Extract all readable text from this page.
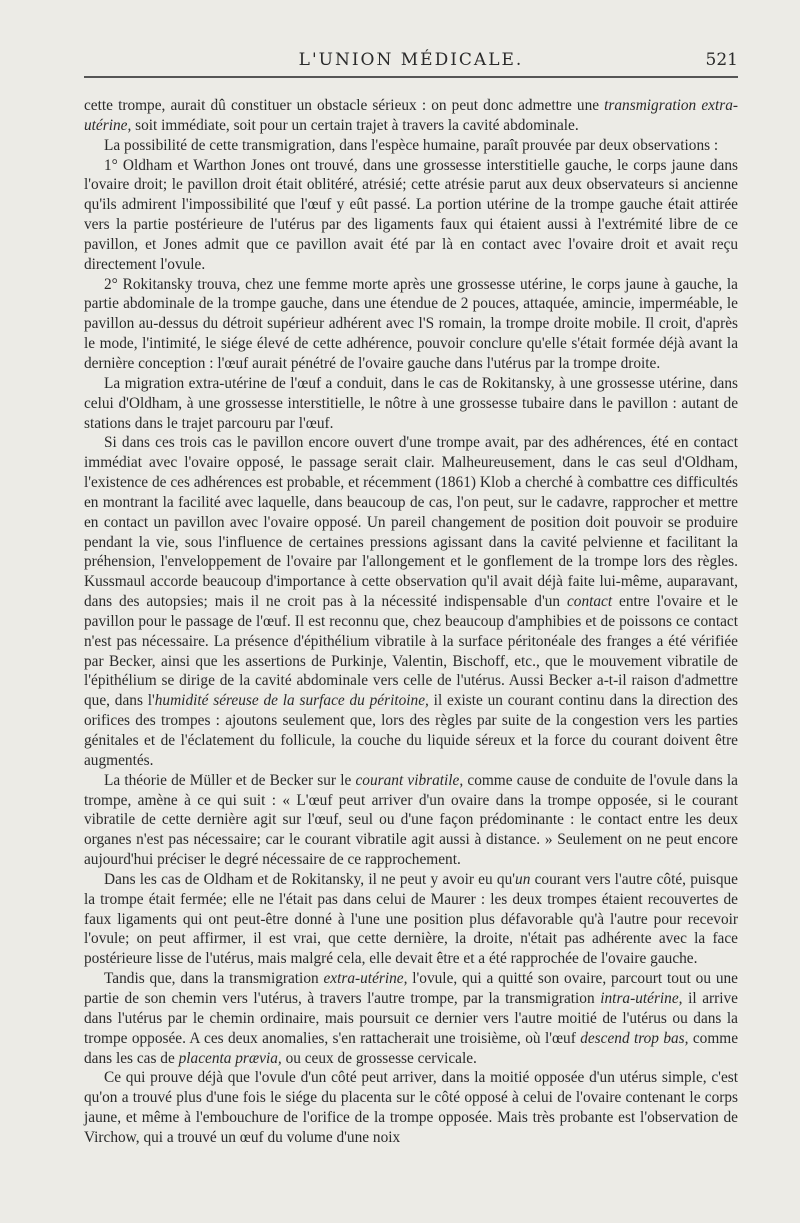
L'UNION MÉDICALE.	521

cette trompe, aurait dû constituer un obstacle sérieux : on peut donc admettre une transmigration extra-utérine, soit immédiate, soit pour un certain trajet à travers la cavité abdominale.

La possibilité de cette transmigration, dans l'espèce humaine, paraît prouvée par deux observations :

1° Oldham et Warthon Jones ont trouvé, dans une grossesse interstitielle gauche, le corps jaune dans l'ovaire droit; le pavillon droit était oblitéré, atrésié; cette atrésie parut aux deux observateurs si ancienne qu'ils admirent l'impossibilité que l'œuf y eût passé. La portion utérine de la trompe gauche était attirée vers la partie postérieure de l'utérus par des ligaments faux qui étaient aussi à l'extrémité libre de ce pavillon, et Jones admit que ce pavillon avait été par là en contact avec l'ovaire droit et avait reçu directement l'ovule.

2° Rokitansky trouva, chez une femme morte après une grossesse utérine, le corps jaune à gauche, la partie abdominale de la trompe gauche, dans une étendue de 2 pouces, attaquée, amincie, imperméable, le pavillon au-dessus du détroit supérieur adhérent avec l'S romain, la trompe droite mobile. Il croit, d'après le mode, l'intimité, le siége élevé de cette adhérence, pouvoir conclure qu'elle s'était formée déjà avant la dernière conception : l'œuf aurait pénétré de l'ovaire gauche dans l'utérus par la trompe droite.

La migration extra-utérine de l'œuf a conduit, dans le cas de Rokitansky, à une grossesse utérine, dans celui d'Oldham, à une grossesse interstitielle, le nôtre à une grossesse tubaire dans le pavillon : autant de stations dans le trajet parcouru par l'œuf.

Si dans ces trois cas le pavillon encore ouvert d'une trompe avait, par des adhérences, été en contact immédiat avec l'ovaire opposé, le passage serait clair. Malheureusement, dans le cas seul d'Oldham, l'existence de ces adhérences est probable, et récemment (1861) Klob a cherché à combattre ces difficultés en montrant la facilité avec laquelle, dans beaucoup de cas, l'on peut, sur le cadavre, rapprocher et mettre en contact un pavillon avec l'ovaire opposé. Un pareil changement de position doit pouvoir se produire pendant la vie, sous l'influence de certaines pressions agissant dans la cavité pelvienne et facilitant la préhension, l'enveloppement de l'ovaire par l'allongement et le gonflement de la trompe lors des règles. Kussmaul accorde beaucoup d'importance à cette observation qu'il avait déjà faite lui-même, auparavant, dans des autopsies; mais il ne croit pas à la nécessité indispensable d'un contact entre l'ovaire et le pavillon pour le passage de l'œuf. Il est reconnu que, chez beaucoup d'amphibies et de poissons ce contact n'est pas nécessaire. La présence d'épithélium vibratile à la surface péritonéale des franges a été vérifiée par Becker, ainsi que les assertions de Purkinje, Valentin, Bischoff, etc., que le mouvement vibratile de l'épithélium se dirige de la cavité abdominale vers celle de l'utérus. Aussi Becker a-t-il raison d'admettre que, dans l'humidité séreuse de la surface du péritoine, il existe un courant continu dans la direction des orifices des trompes : ajoutons seulement que, lors des règles par suite de la congestion vers les parties génitales et de l'éclatement du follicule, la couche du liquide séreux et la force du courant doivent être augmentés.

La théorie de Müller et de Becker sur le courant vibratile, comme cause de conduite de l'ovule dans la trompe, amène à ce qui suit : « L'œuf peut arriver d'un ovaire dans la trompe opposée, si le courant vibratile de cette dernière agit sur l'œuf, seul ou d'une façon prédominante : le contact entre les deux organes n'est pas nécessaire; car le courant vibratile agit aussi à distance. » Seulement on ne peut encore aujourd'hui préciser le degré nécessaire de ce rapprochement.

Dans les cas de Oldham et de Rokitansky, il ne peut y avoir eu qu'un courant vers l'autre côté, puisque la trompe était fermée; elle ne l'était pas dans celui de Maurer : les deux trompes étaient recouvertes de faux ligaments qui ont peut-être donné à l'une une position plus défavorable qu'à l'autre pour recevoir l'ovule; on peut affirmer, il est vrai, que cette dernière, la droite, n'était pas adhérente avec la face postérieure lisse de l'utérus, mais malgré cela, elle devait être et a été rapprochée de l'ovaire gauche.

Tandis que, dans la transmigration extra-utérine, l'ovule, qui a quitté son ovaire, parcourt tout ou une partie de son chemin vers l'utérus, à travers l'autre trompe, par la transmigration intra-utérine, il arrive dans l'utérus par le chemin ordinaire, mais poursuit ce dernier vers l'autre moitié de l'utérus ou dans la trompe opposée. A ces deux anomalies, s'en rattacherait une troisième, où l'œuf descend trop bas, comme dans les cas de placenta prævia, ou ceux de grossesse cervicale.

Ce qui prouve déjà que l'ovule d'un côté peut arriver, dans la moitié opposée d'un utérus simple, c'est qu'on a trouvé plus d'une fois le siége du placenta sur le côté opposé à celui de l'ovaire contenant le corps jaune, et même à l'embouchure de l'orifice de la trompe opposée. Mais très probante est l'observation de Virchow, qui a trouvé un œuf du volume d'une noix
